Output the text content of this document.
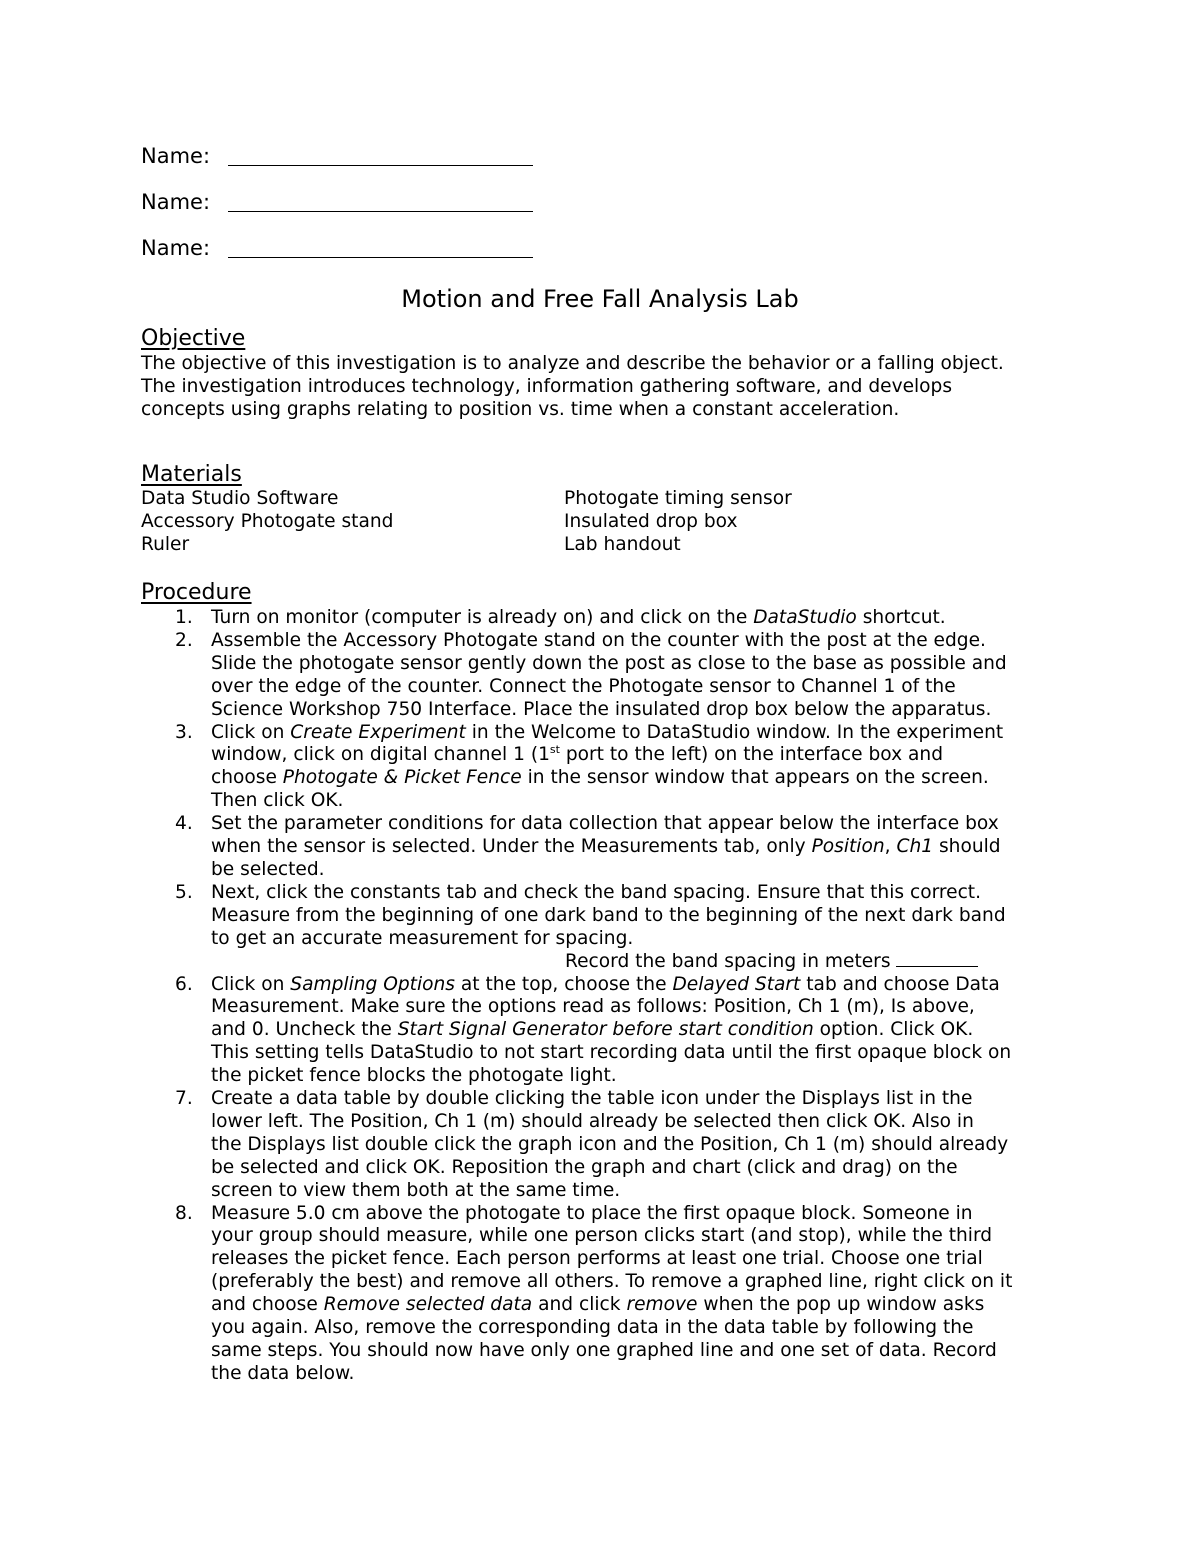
Name:
Name:
Name:
Motion and Free Fall Analysis Lab
Objective
The objective of this investigation is to analyze and describe the behavior or a falling object.
The investigation introduces technology, information gathering software, and develops
concepts using graphs relating to position vs. time when a constant acceleration.
Materials
Data Studio Software
Accessory Photogate stand
Ruler
Photogate timing sensor
Insulated drop box
Lab handout
Procedure
1. Turn on monitor (computer is already on) and click on the DataStudio shortcut.
2. Assemble the Accessory Photogate stand on the counter with the post at the edge.
Slide the photogate sensor gently down the post as close to the base as possible and
over the edge of the counter. Connect the Photogate sensor to Channel 1 of the
Science Workshop 750 Interface. Place the insulated drop box below the apparatus.
3. Click on Create Experiment in the Welcome to DataStudio window. In the experiment
window, click on digital channel 1 (1st port to the left) on the interface box and
choose Photogate & Picket Fence in the sensor window that appears on the screen.
Then click OK.
4. Set the parameter conditions for data collection that appear below the interface box
when the sensor is selected. Under the Measurements tab, only Position, Ch1 should
be selected.
5. Next, click the constants tab and check the band spacing. Ensure that this correct.
Measure from the beginning of one dark band to the beginning of the next dark band
to get an accurate measurement for spacing.
Record the band spacing in meters
6. Click on Sampling Options at the top, choose the Delayed Start tab and choose Data
Measurement. Make sure the options read as follows: Position, Ch 1 (m), Is above,
and 0. Uncheck the Start Signal Generator before start condition option. Click OK.
This setting tells DataStudio to not start recording data until the first opaque block on
the picket fence blocks the photogate light.
7. Create a data table by double clicking the table icon under the Displays list in the
lower left. The Position, Ch 1 (m) should already be selected then click OK. Also in
the Displays list double click the graph icon and the Position, Ch 1 (m) should already
be selected and click OK. Reposition the graph and chart (click and drag) on the
screen to view them both at the same time.
8. Measure 5.0 cm above the photogate to place the first opaque block. Someone in
your group should measure, while one person clicks start (and stop), while the third
releases the picket fence. Each person performs at least one trial. Choose one trial
(preferably the best) and remove all others. To remove a graphed line, right click on it
and choose Remove selected data and click remove when the pop up window asks
you again. Also, remove the corresponding data in the data table by following the
same steps. You should now have only one graphed line and one set of data. Record
the data below.
